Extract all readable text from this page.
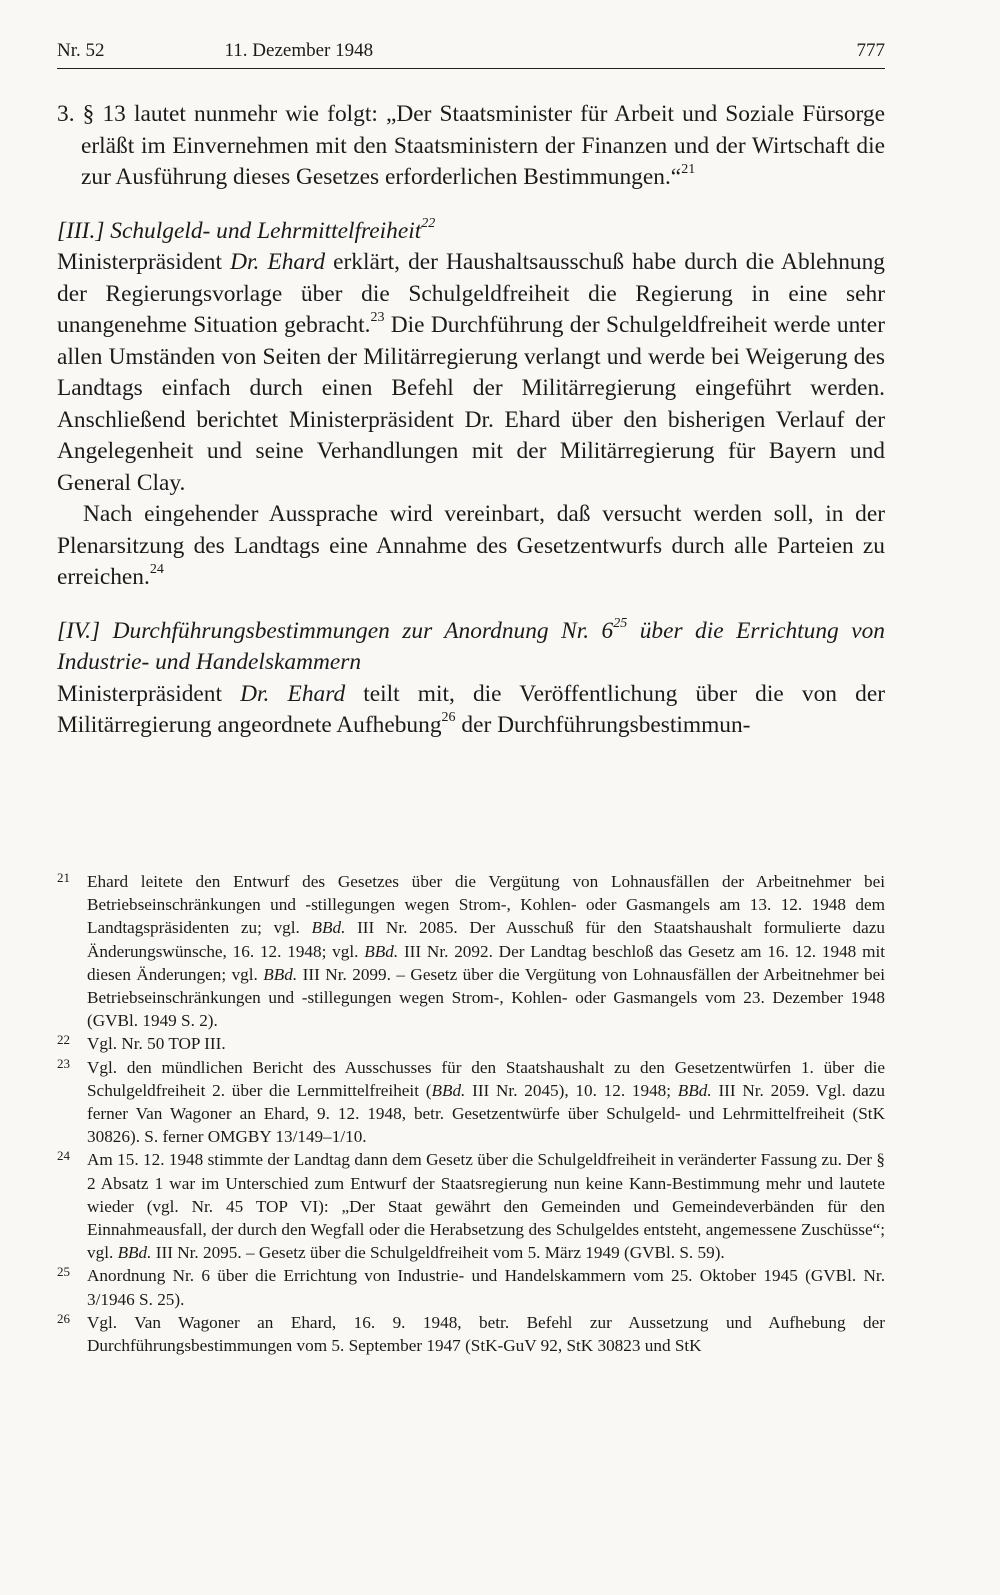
Nr. 52	11. Dezember 1948	777

3. § 13 lautet nunmehr wie folgt: „Der Staatsminister für Arbeit und Soziale Fürsorge erläßt im Einvernehmen mit den Staatsministern der Finanzen und der Wirtschaft die zur Ausführung dieses Gesetzes erforderlichen Bestimmungen.“$^{21}$

[III.] Schulgeld- und Lehrmittelfreiheit$^{22}$

Ministerpräsident Dr. Ehard erklärt, der Haushaltsausschuß habe durch die Ablehnung der Regierungsvorlage über die Schulgeldfreiheit die Regierung in eine sehr unangenehme Situation gebracht.$^{23}$ Die Durchführung der Schulgeldfreiheit werde unter allen Umständen von Seiten der Militärregierung verlangt und werde bei Weigerung des Landtags einfach durch einen Befehl der Militärregierung eingeführt werden. Anschließend berichtet Ministerpräsident Dr. Ehard über den bisherigen Verlauf der Angelegenheit und seine Verhandlungen mit der Militärregierung für Bayern und General Clay.

Nach eingehender Aussprache wird vereinbart, daß versucht werden soll, in der Plenarsitzung des Landtags eine Annahme des Gesetzentwurfs durch alle Parteien zu erreichen.$^{24}$

[IV.] Durchführungsbestimmungen zur Anordnung Nr. $6^{25}$ über die Errichtung von Industrie- und Handelskammern

Ministerpräsident Dr. Ehard teilt mit, die Veröffentlichung über die von der Militärregierung angeordnete Aufhebung$^{26}$ der Durchführungsbestimmun-

21 Ehard leitete den Entwurf des Gesetzes über die Vergütung von Lohnausfällen der Arbeitnehmer bei Betriebseinschränkungen und -stillegungen wegen Strom-, Kohlen- oder Gasmangels am 13. 12. 1948 dem Landtagspräsidenten zu; vgl. BBd. III Nr. 2085. Der Ausschuß für den Staatshaushalt formulierte dazu Änderungswünsche, 16. 12. 1948; vgl. BBd. III Nr. 2092. Der Landtag beschloß das Gesetz am 16. 12. 1948 mit diesen Änderungen; vgl. BBd. III Nr. 2099. – Gesetz über die Vergütung von Lohnausfällen der Arbeitnehmer bei Betriebseinschränkungen und -stillegungen wegen Strom-, Kohlen- oder Gasmangels vom 23. Dezember 1948 (GVBl. 1949 S. 2).
22 Vgl. Nr. 50 TOP III.
23 Vgl. den mündlichen Bericht des Ausschusses für den Staatshaushalt zu den Gesetzentwürfen 1. über die Schulgeldfreiheit 2. über die Lernmittelfreiheit (BBd. III Nr. 2045), 10. 12. 1948; BBd. III Nr. 2059. Vgl. dazu ferner Van Wagoner an Ehard, 9. 12. 1948, betr. Gesetzentwürfe über Schulgeld- und Lehrmittelfreiheit (StK 30826). S. ferner OMGBY 13/149–1/10.
24 Am 15. 12. 1948 stimmte der Landtag dann dem Gesetz über die Schulgeldfreiheit in veränderter Fassung zu. Der § 2 Absatz 1 war im Unterschied zum Entwurf der Staatsregierung nun keine Kann-Bestimmung mehr und lautete wieder (vgl. Nr. 45 TOP VI): „Der Staat gewährt den Gemeinden und Gemeindeverbänden für den Einnahmeausfall, der durch den Wegfall oder die Herabsetzung des Schulgeldes entsteht, angemessene Zuschüsse“; vgl. BBd. III Nr. 2095. – Gesetz über die Schulgeldfreiheit vom 5. März 1949 (GVBl. S. 59).
25 Anordnung Nr. 6 über die Errichtung von Industrie- und Handelskammern vom 25. Oktober 1945 (GVBl. Nr. 3/1946 S. 25).
26 Vgl. Van Wagoner an Ehard, 16. 9. 1948, betr. Befehl zur Aussetzung und Aufhebung der Durchführungsbestimmungen vom 5. September 1947 (StK-GuV 92, StK 30823 und StK
